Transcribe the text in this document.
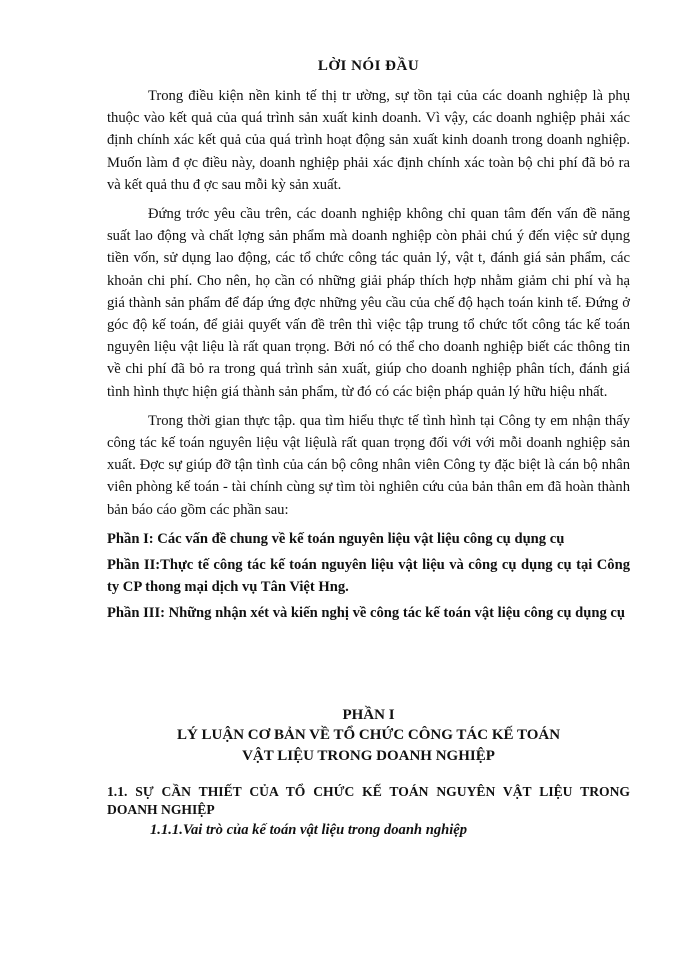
LỜI NÓI ĐẦU

Trong điều kiện nền kinh tế thị tr ường, sự tồn tại của các doanh nghiệp là phụ thuộc vào kết quả của quá trình sản xuất kinh doanh. Vì vậy, các doanh nghiệp phải xác định chính xác kết quả của quá trình hoạt động sản xuất kinh doanh trong doanh nghiệp. Muốn làm đ ợc điều này, doanh nghiệp phải xác định chính xác toàn bộ chi phí đã bỏ ra và kết quả thu đ ợc sau mỗi kỳ sản xuất.

Đứng trớc yêu cầu trên, các doanh nghiệp không chỉ quan tâm đến vấn đề năng suất lao động và chất lợng sản phẩm mà doanh nghiệp còn phải chú ý đến việc sử dụng tiền vốn, sử dụng lao động, các tổ chức công tác quản lý, vật t, đánh giá sản phẩm, các khoản chi phí. Cho nên, họ cần có những giải pháp thích hợp nhằm giảm chi phí và hạ giá thành sản phẩm để đáp ứng đợc những yêu cầu của chế độ hạch toán kinh tế. Đứng ở góc độ kế toán, để giải quyết vấn đề trên thì việc tập trung tổ chức tốt công tác kế toán nguyên liệu vật liệu là rất quan trọng. Bởi nó có thể cho doanh nghiệp biết các thông tin về chi phí đã bỏ ra trong quá trình sản xuất, giúp cho doanh nghiệp phân tích, đánh giá tình hình thực hiện giá thành sản phẩm, từ đó có các biện pháp quản lý hữu hiệu nhất.

Trong thời gian thực tập. qua tìm hiểu thực tế tình hình tại Công ty em nhận thấy công tác kế toán nguyên liệu vật liệulà rất quan trọng đối với với mỗi doanh nghiệp sản xuất. Đợc sự giúp đỡ tận tình của cán bộ công nhân viên Công ty đặc biệt là cán bộ nhân viên phòng kế toán - tài chính cùng sự tìm tòi nghiên cứu của bản thân em đã hoàn thành bản báo cáo gồm các phần sau:

Phần I: Các vấn đề chung về kế toán nguyên liệu vật liệu công cụ dụng cụ
Phần II:Thực tế công tác kế toán nguyên liệu vật liệu và công cụ dụng cụ tại Công ty CP thong mại dịch vụ Tân Việt Hng.
Phần III: Những nhận xét và kiến nghị về công tác kế toán vật liệu công cụ dụng cụ
PHẦN I
LÝ LUẬN CƠ BẢN VỀ TỔ CHỨC CÔNG TÁC KẾ TOÁN
VẬT LIỆU TRONG DOANH NGHIỆP
1.1. SỰ CẦN THIẾT CỦA TỔ CHỨC KẾ TOÁN NGUYÊN VẬT LIỆU TRONG DOANH NGHIỆP
1.1.1.Vai trò của kế toán vật liệu trong doanh nghiệp
